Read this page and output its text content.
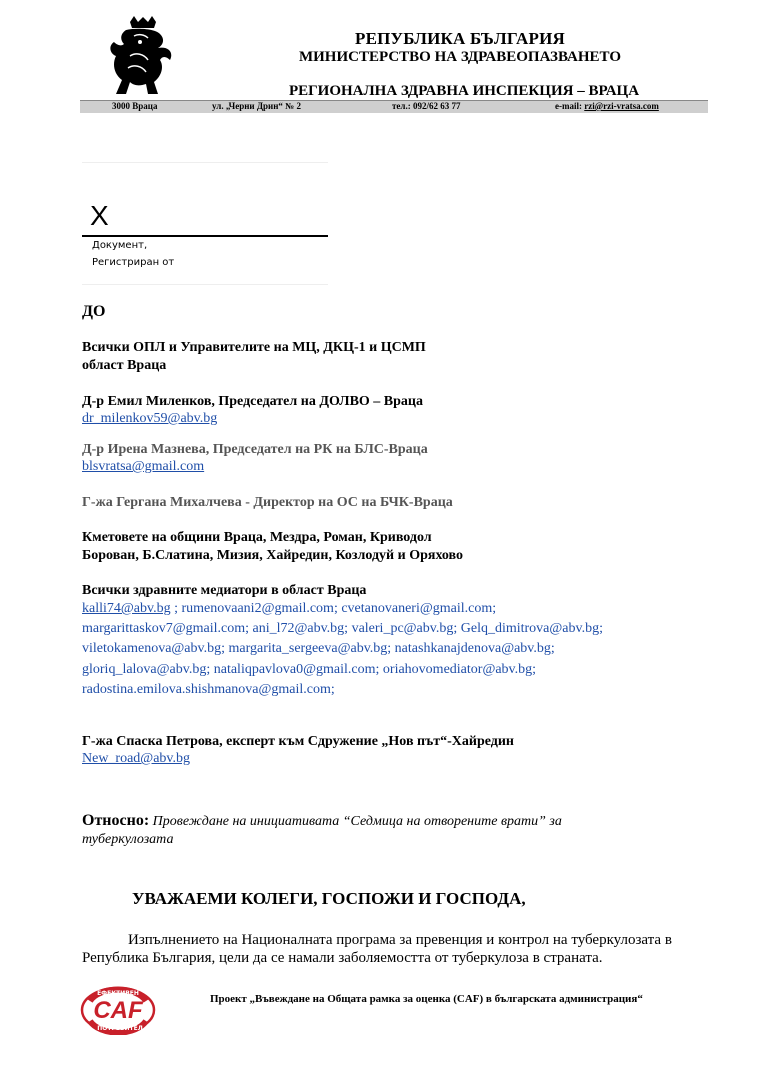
РЕПУБЛИКА БЪЛГАРИЯ
МИНИСТЕРСТВО НА ЗДРАВЕОПАЗВАНЕТО
РЕГИОНАЛНА ЗДРАВНА ИНСПЕКЦИЯ – ВРАЦА
3000 Враца	ул. „Черни Дрин“ № 2	тел.: 092/62 63 77	e-mail: rzi@rzi-vratsa.com
X
Документ,
Регистриран от
ДО
Всички ОПЛ и Управителите на МЦ, ДКЦ-1 и ЦСМП
област Враца
Д-р Емил Миленков, Председател на ДОЛВО – Враца
dr_milenkov59@abv.bg
Д-р Ирена Мазнева, Председател на РК на БЛС-Враца
blsvratsa@gmail.com
Г-жа Гергана Михалчева - Директор на ОС на БЧК-Враца
Кметовете на общини Враца, Мездра, Роман, Криводол
Борован, Б.Слатина, Мизия, Хайредин, Козлодуй и Оряхово
Всички здравните медиатори в област Враца
kalli74@abv.bg ; rumenovaani2@gmail.com; cvetanovaneri@gmail.com;
margarittaskov7@gmail.com; ani_l72@abv.bg; valeri_pc@abv.bg; Gelq_dimitrova@abv.bg;
viletokamenova@abv.bg; margarita_sergeeva@abv.bg; natashkanajdenova@abv.bg;
gloriq_lalova@abv.bg; nataliqpavlova0@gmail.com; oriahovomediator@abv.bg;
radostina.emilova.shishmanova@gmail.com;
Г-жа Спаска Петрова, експерт към Сдружение „Нов път“-Хайредин
New_road@abv.bg
Относно: Провеждане на инициативата “Седмица на отворените врати” за
туберкулозата
УВАЖАЕМИ КОЛЕГИ, ГОСПОЖИ И ГОСПОДА,
Изпълнението на Националната програма за превенция и контрол на туберкулозата в
Република България, цели да се намали заболяемостта от туберкулоза в страната.
ЕФЕКТИВЕН
CAF
ПОТРЕБИТЕЛ
Проект „Въвеждане на Общата рамка за оценка (CAF) в българската администрация“
